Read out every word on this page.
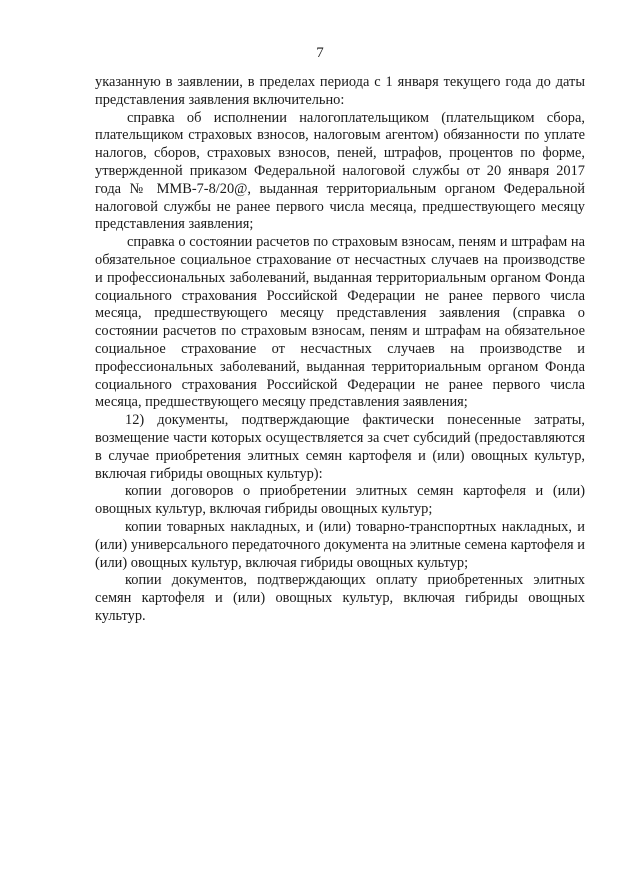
7

указанную в заявлении, в пределах периода с 1 января текущего года до даты представления заявления включительно:

справка об исполнении налогоплательщиком (плательщиком сбора, плательщиком страховых взносов, налоговым агентом) обязанности по уплате налогов, сборов, страховых взносов, пеней, штрафов, процентов по форме, утвержденной приказом Федеральной налоговой службы от 20 января 2017 года № ММВ-7-8/20@, выданная территориальным органом Федеральной налоговой службы не ранее первого числа месяца, предшествующего месяцу представления заявления;

справка о состоянии расчетов по страховым взносам, пеням и штрафам на обязательное социальное страхование от несчастных случаев на производстве и профессиональных заболеваний, выданная территориальным органом Фонда социального страхования Российской Федерации не ранее первого числа месяца, предшествующего месяцу представления заявления (справка о состоянии расчетов по страховым взносам, пеням и штрафам на обязательное социальное страхование от несчастных случаев на производстве и профессиональных заболеваний, выданная территориальным органом Фонда социального страхования Российской Федерации не ранее первого числа месяца, предшествующего месяцу представления заявления;

12) документы, подтверждающие фактически понесенные затраты, возмещение части которых осуществляется за счет субсидий (предоставляются в случае приобретения элитных семян картофеля и (или) овощных культур, включая гибриды овощных культур):

копии договоров о приобретении элитных семян картофеля и (или) овощных культур, включая гибриды овощных культур;

копии товарных накладных, и (или) товарно-транспортных накладных, и (или) универсального передаточного документа на элитные семена картофеля и (или) овощных культур, включая гибриды овощных культур;

копии документов, подтверждающих оплату приобретенных элитных семян картофеля и (или) овощных культур, включая гибриды овощных культур.
